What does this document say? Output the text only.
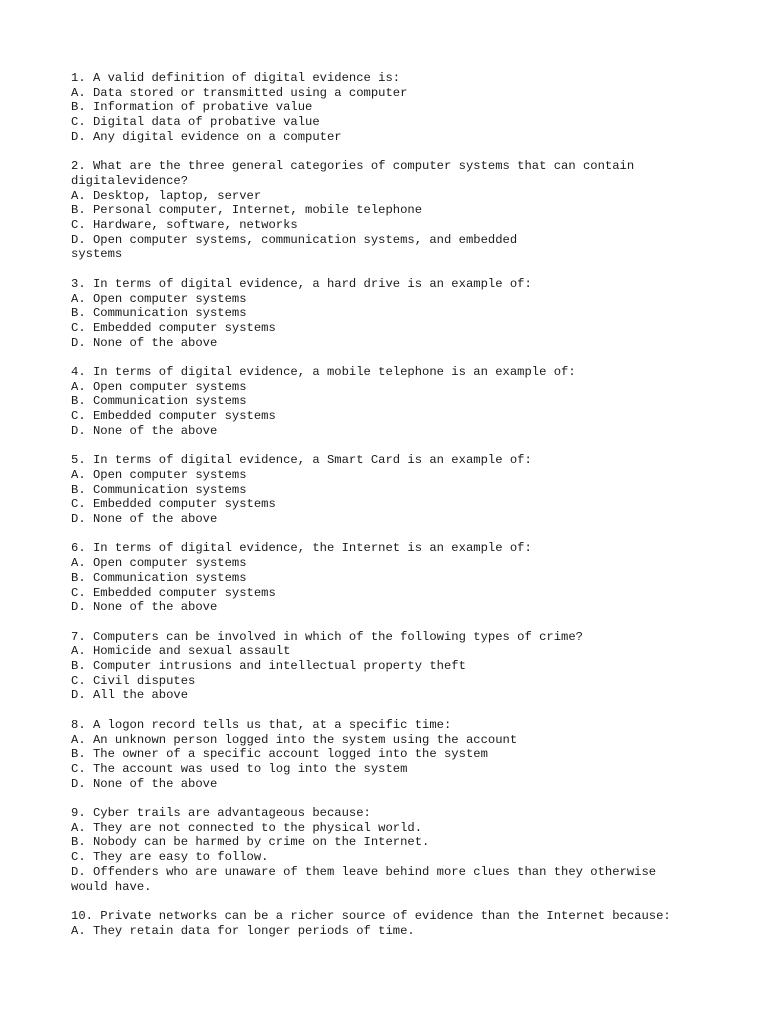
1. A valid definition of digital evidence is:
A. Data stored or transmitted using a computer
B. Information of probative value
C. Digital data of probative value
D. Any digital evidence on a computer
2. What are the three general categories of computer systems that can contain
digitalevidence?
A. Desktop, laptop, server
B. Personal computer, Internet, mobile telephone
C. Hardware, software, networks
D. Open computer systems, communication systems, and embedded
systems
3. In terms of digital evidence, a hard drive is an example of:
A. Open computer systems
B. Communication systems
C. Embedded computer systems
D. None of the above
4. In terms of digital evidence, a mobile telephone is an example of:
A. Open computer systems
B. Communication systems
C. Embedded computer systems
D. None of the above
5. In terms of digital evidence, a Smart Card is an example of:
A. Open computer systems
B. Communication systems
C. Embedded computer systems
D. None of the above
6. In terms of digital evidence, the Internet is an example of:
A. Open computer systems
B. Communication systems
C. Embedded computer systems
D. None of the above
7. Computers can be involved in which of the following types of crime?
A. Homicide and sexual assault
B. Computer intrusions and intellectual property theft
C. Civil disputes
D. All the above
8. A logon record tells us that, at a specific time:
A. An unknown person logged into the system using the account
B. The owner of a specific account logged into the system
C. The account was used to log into the system
D. None of the above
9. Cyber trails are advantageous because:
A. They are not connected to the physical world.
B. Nobody can be harmed by crime on the Internet.
C. They are easy to follow.
D. Offenders who are unaware of them leave behind more clues than they otherwise
would have.
10. Private networks can be a richer source of evidence than the Internet because:
A. They retain data for longer periods of time.
